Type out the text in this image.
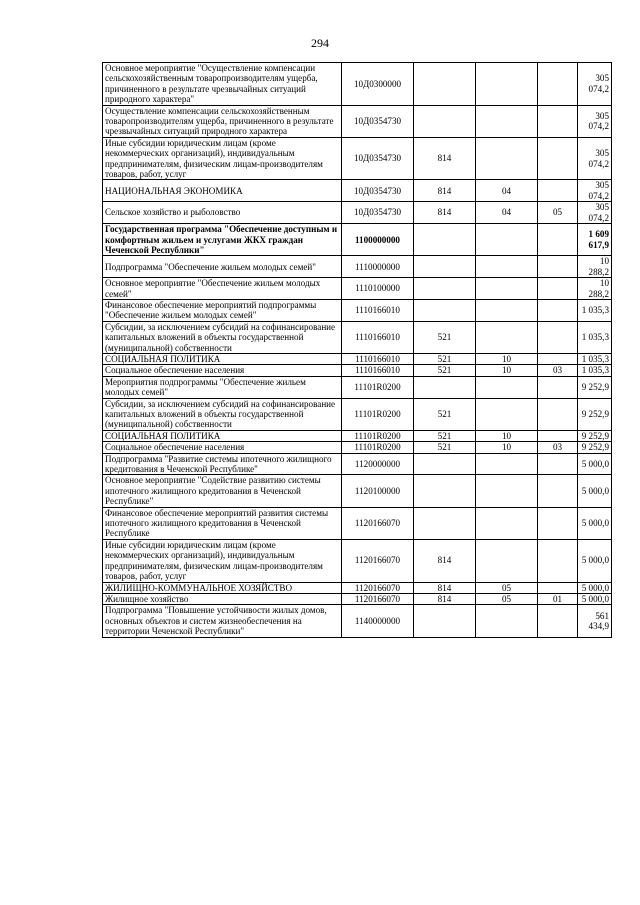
294
Основное мероприятие "Осуществление компенсации сельскохозяйственным товаропроизводителям ущерба, причиненного в результате чрезвычайных ситуаций природного характера"	10Д0300000				305 074,2
Осуществление компенсации сельскохозяйственным товаропроизводителям ущерба, причиненного в результате чрезвычайных ситуаций природного характера	10Д0354730				305 074,2
Иные субсидии юридическим лицам (кроме некоммерческих организаций), индивидуальным предпринимателям, физическим лицам-производителям товаров, работ, услуг	10Д0354730	814			305 074,2
НАЦИОНАЛЬНАЯ ЭКОНОМИКА	10Д0354730	814	04		305 074,2
Сельское хозяйство и рыболовство	10Д0354730	814	04	05	305 074,2
Государственная программа "Обеспечение доступным и комфортным жильем и услугами ЖКХ граждан Чеченской Республики"	1100000000				1 609 617,9
Подпрограмма "Обеспечение жильем молодых семей"	1110000000				10 288,2
Основное мероприятие "Обеспечение жильем молодых семей"	1110100000				10 288,2
Финансовое обеспечение мероприятий подпрограммы "Обеспечение жильем молодых семей"	1110166010				1 035,3
Субсидии, за исключением субсидий на софинансирование капитальных вложений в объекты государственной (муниципальной) собственности	1110166010	521			1 035,3
СОЦИАЛЬНАЯ ПОЛИТИКА	1110166010	521	10		1 035,3
Социальное обеспечение населения	1110166010	521	10	03	1 035,3
Мероприятия подпрограммы "Обеспечение жильем молодых семей"	11101R0200				9 252,9
Субсидии, за исключением субсидий на софинансирование капитальных вложений в объекты государственной (муниципальной) собственности	11101R0200	521			9 252,9
СОЦИАЛЬНАЯ ПОЛИТИКА	11101R0200	521	10		9 252,9
Социальное обеспечение населения	11101R0200	521	10	03	9 252,9
Подпрограмма "Развитие системы ипотечного жилищного кредитования в Чеченской Республике"	1120000000				5 000,0
Основное мероприятие "Содействие развитию системы ипотечного жилищного кредитования в Чеченской Республике"	1120100000				5 000,0
Финансовое обеспечение мероприятий развития системы ипотечного жилищного кредитования в Чеченской Республике	1120166070				5 000,0
Иные субсидии юридическим лицам (кроме некоммерческих организаций), индивидуальным предпринимателям, физическим лицам-производителям товаров, работ, услуг	1120166070	814			5 000,0
ЖИЛИЩНО-КОММУНАЛЬНОЕ ХОЗЯЙСТВО	1120166070	814	05		5 000,0
Жилищное хозяйство	1120166070	814	05	01	5 000,0
Подпрограмма "Повышение устойчивости жилых домов, основных объектов и систем жизнеобеспечения на территории Чеченской Республики"	1140000000				561 434,9
